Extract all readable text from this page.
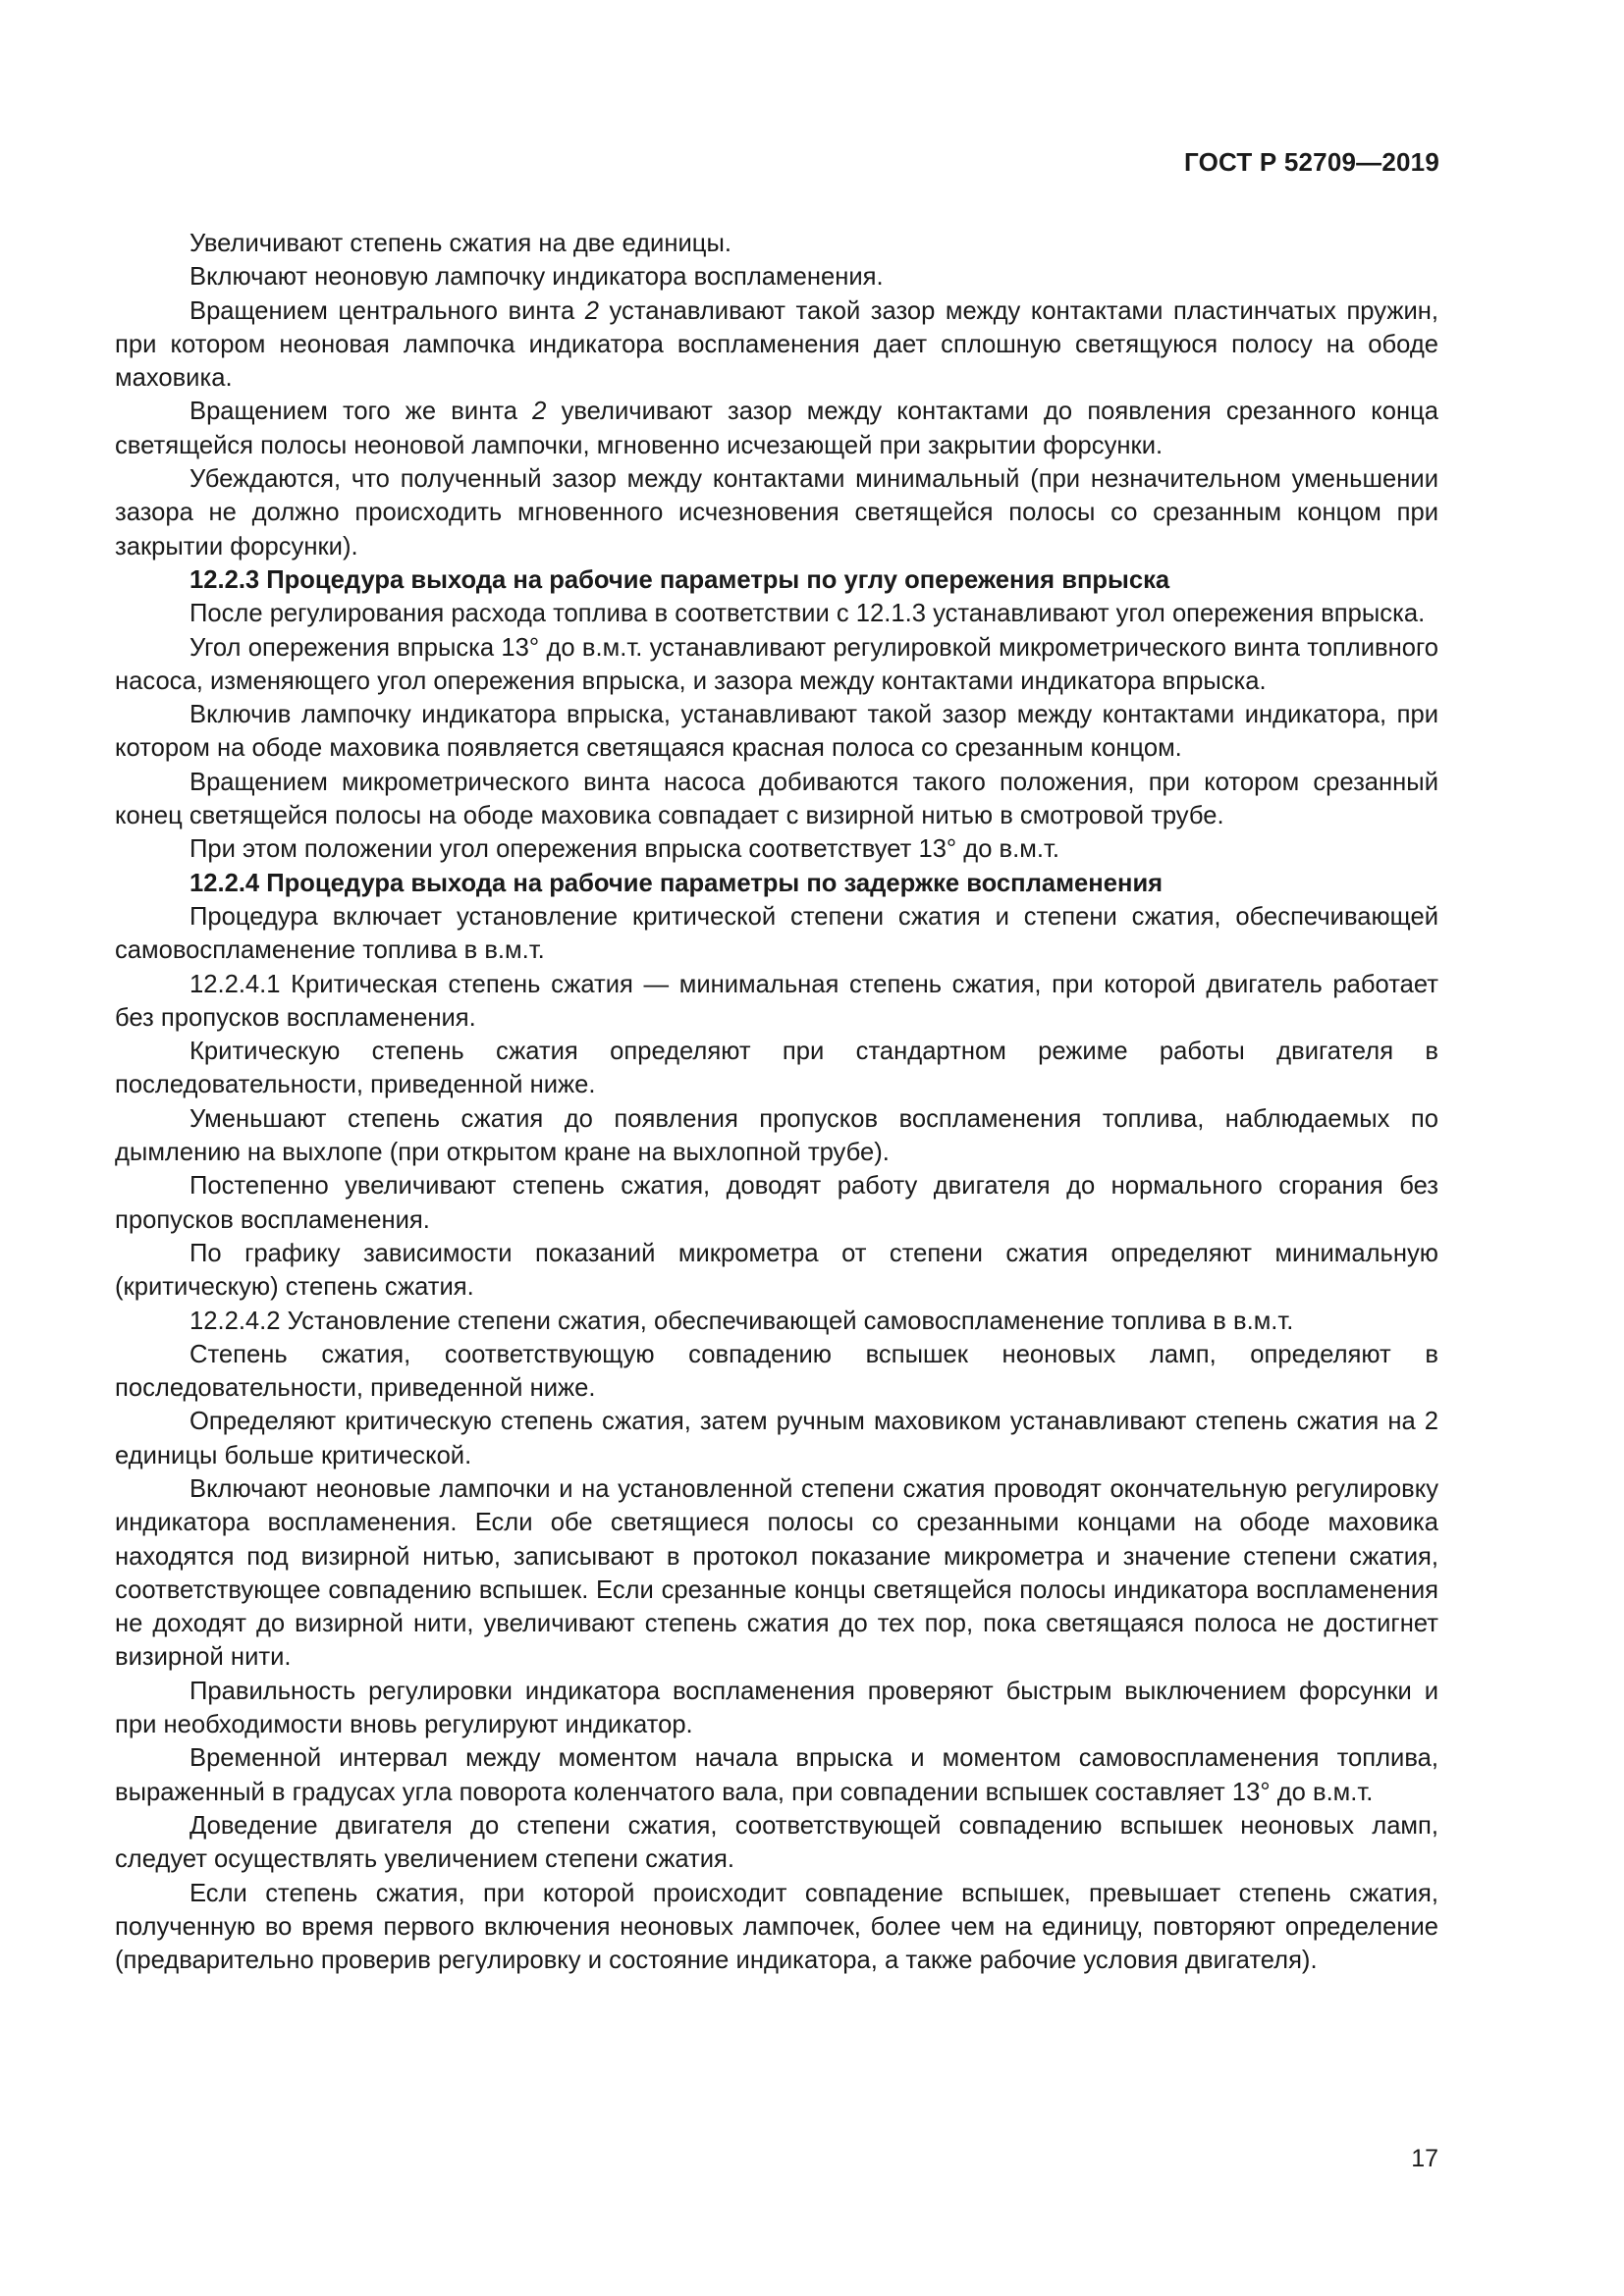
ГОСТ Р 52709—2019

Увеличивают степень сжатия на две единицы.

Включают неоновую лампочку индикатора воспламенения.

Вращением центрального винта 2 устанавливают такой зазор между контактами пластинчатых пружин, при котором неоновая лампочка индикатора воспламенения дает сплошную светящуюся полосу на ободе маховика.

Вращением того же винта 2 увеличивают зазор между контактами до появления срезанного конца светящейся полосы неоновой лампочки, мгновенно исчезающей при закрытии форсунки.

Убеждаются, что полученный зазор между контактами минимальный (при незначительном уменьшении зазора не должно происходить мгновенного исчезновения светящейся полосы со срезанным концом при закрытии форсунки).

12.2.3 Процедура выхода на рабочие параметры по углу опережения впрыска

После регулирования расхода топлива в соответствии с 12.1.3 устанавливают угол опережения впрыска.

Угол опережения впрыска 13° до в.м.т. устанавливают регулировкой микрометрического винта топливного насоса, изменяющего угол опережения впрыска, и зазора между контактами индикатора впрыска.

Включив лампочку индикатора впрыска, устанавливают такой зазор между контактами индикатора, при котором на ободе маховика появляется светящаяся красная полоса со срезанным концом.

Вращением микрометрического винта насоса добиваются такого положения, при котором срезанный конец светящейся полосы на ободе маховика совпадает с визирной нитью в смотровой трубе.

При этом положении угол опережения впрыска соответствует 13° до в.м.т.

12.2.4 Процедура выхода на рабочие параметры по задержке воспламенения

Процедура включает установление критической степени сжатия и степени сжатия, обеспечивающей самовоспламенение топлива в в.м.т.

12.2.4.1 Критическая степень сжатия — минимальная степень сжатия, при которой двигатель работает без пропусков воспламенения.

Критическую степень сжатия определяют при стандартном режиме работы двигателя в последовательности, приведенной ниже.

Уменьшают степень сжатия до появления пропусков воспламенения топлива, наблюдаемых по дымлению на выхлопе (при открытом кране на выхлопной трубе).

Постепенно увеличивают степень сжатия, доводят работу двигателя до нормального сгорания без пропусков воспламенения.

По графику зависимости показаний микрометра от степени сжатия определяют минимальную (критическую) степень сжатия.

12.2.4.2 Установление степени сжатия, обеспечивающей самовоспламенение топлива в в.м.т.

Степень сжатия, соответствующую совпадению вспышек неоновых ламп, определяют в последовательности, приведенной ниже.

Определяют критическую степень сжатия, затем ручным маховиком устанавливают степень сжатия на 2 единицы больше критической.

Включают неоновые лампочки и на установленной степени сжатия проводят окончательную регулировку индикатора воспламенения. Если обе светящиеся полосы со срезанными концами на ободе маховика находятся под визирной нитью, записывают в протокол показание микрометра и значение степени сжатия, соответствующее совпадению вспышек. Если срезанные концы светящейся полосы индикатора воспламенения не доходят до визирной нити, увеличивают степень сжатия до тех пор, пока светящаяся полоса не достигнет визирной нити.

Правильность регулировки индикатора воспламенения проверяют быстрым выключением форсунки и при необходимости вновь регулируют индикатор.

Временной интервал между моментом начала впрыска и моментом самовоспламенения топлива, выраженный в градусах угла поворота коленчатого вала, при совпадении вспышек составляет 13° до в.м.т.

Доведение двигателя до степени сжатия, соответствующей совпадению вспышек неоновых ламп, следует осуществлять увеличением степени сжатия.

Если степень сжатия, при которой происходит совпадение вспышек, превышает степень сжатия, полученную во время первого включения неоновых лампочек, более чем на единицу, повторяют определение (предварительно проверив регулировку и состояние индикатора, а также рабочие условия двигателя).

17
